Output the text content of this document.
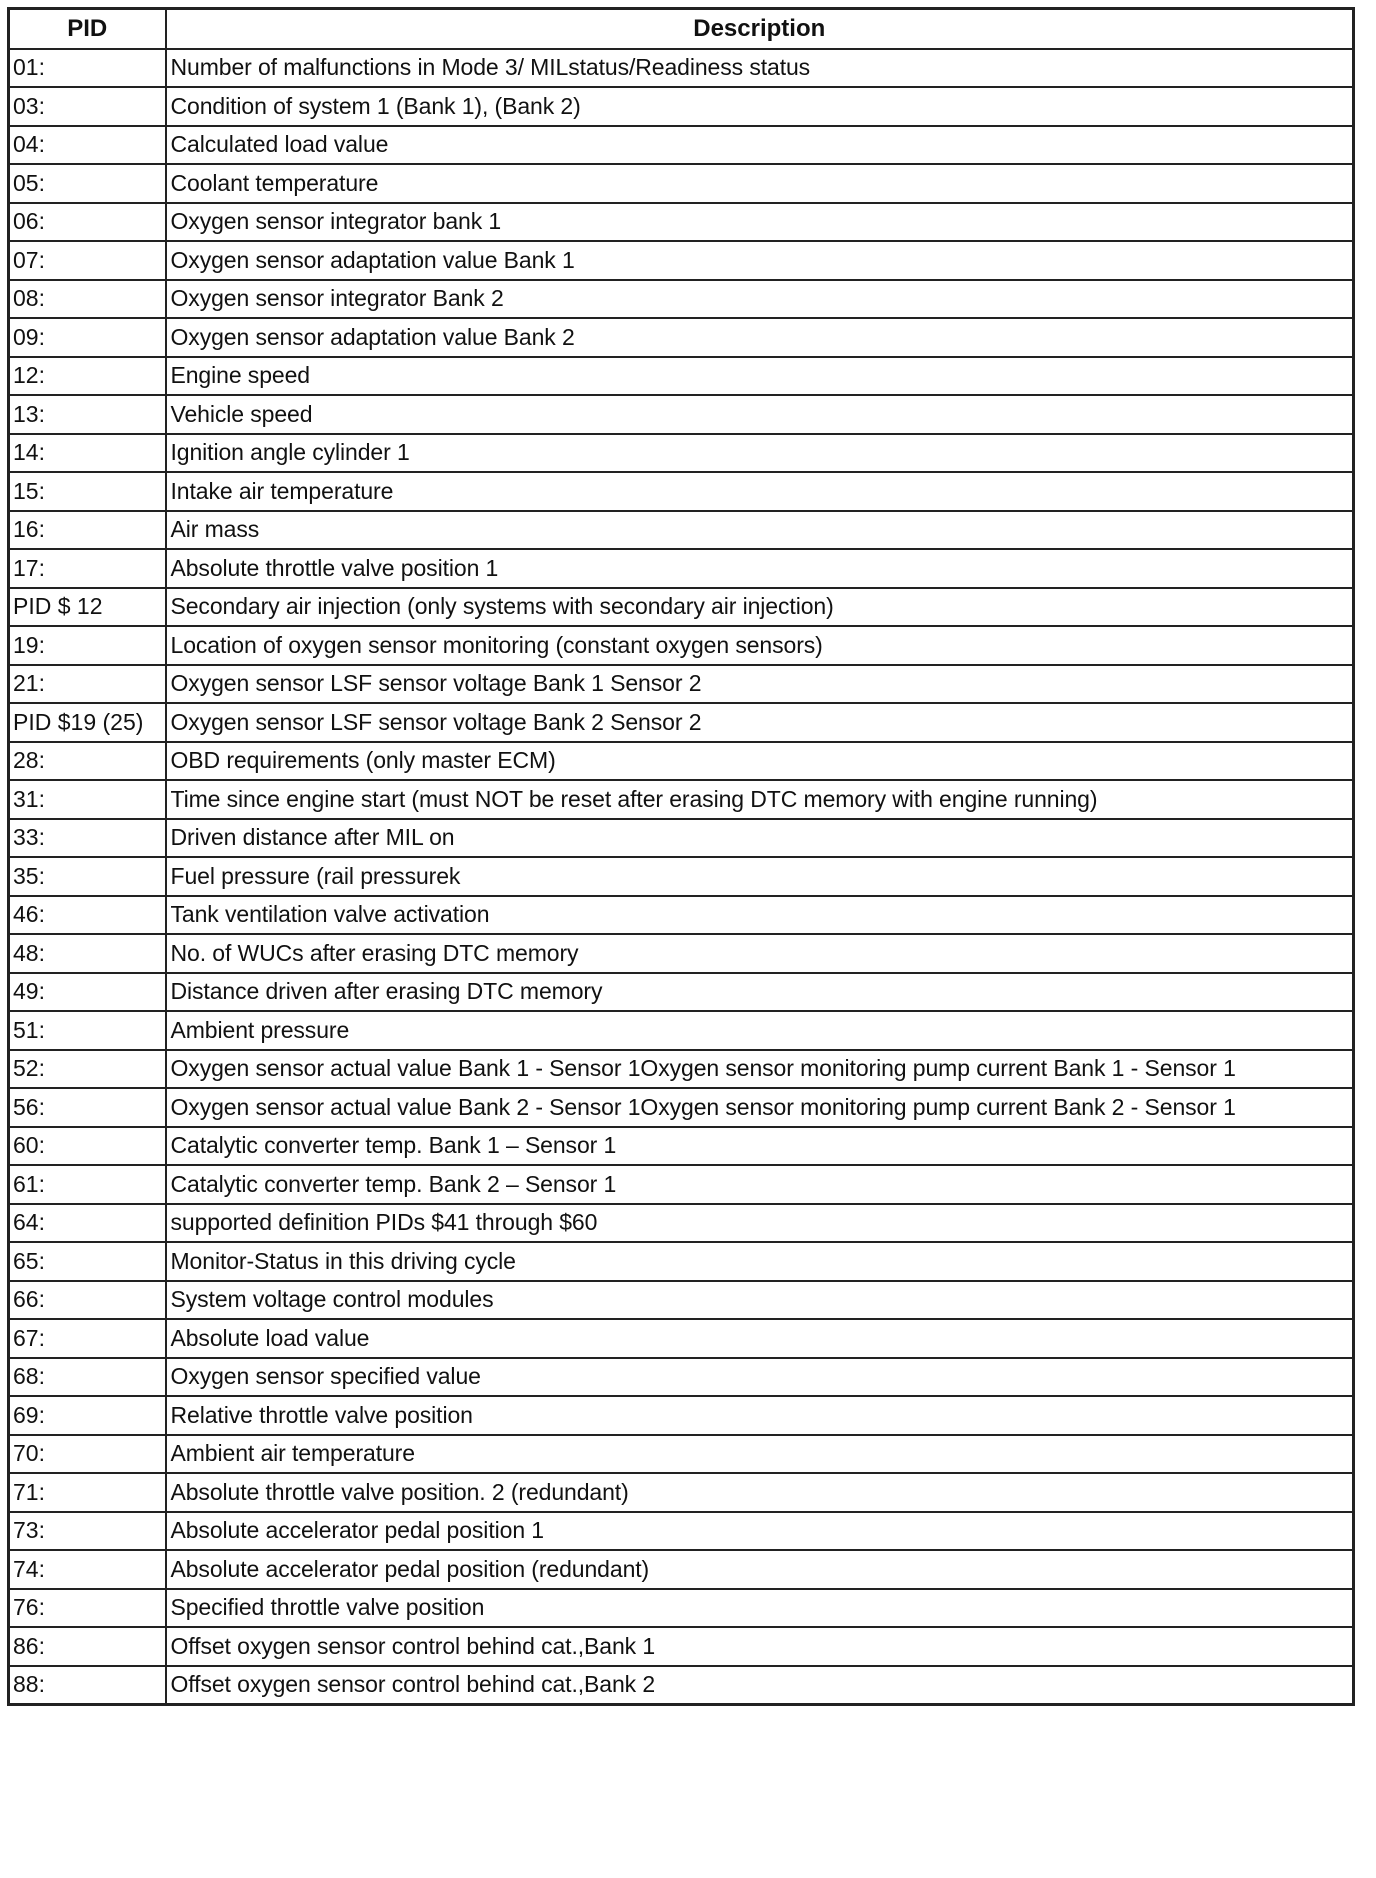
PID	Description
01:	Number of malfunctions in Mode 3/ MILstatus/Readiness status
03:	Condition of system 1 (Bank 1), (Bank 2)
04:	Calculated load value
05:	Coolant temperature
06:	Oxygen sensor integrator bank 1
07:	Oxygen sensor adaptation value Bank 1
08:	Oxygen sensor integrator Bank 2
09:	Oxygen sensor adaptation value Bank 2
12:	Engine speed
13:	Vehicle speed
14:	Ignition angle cylinder 1
15:	Intake air temperature
16:	Air mass
17:	Absolute throttle valve position 1
PID $ 12	Secondary air injection (only systems with secondary air injection)
19:	Location of oxygen sensor monitoring (constant oxygen sensors)
21:	Oxygen sensor LSF sensor voltage Bank 1 Sensor 2
PID $19 (25)	Oxygen sensor LSF sensor voltage Bank 2 Sensor 2
28:	OBD requirements (only master ECM)
31:	Time since engine start (must NOT be reset after erasing DTC memory with engine running)
33:	Driven distance after MIL on
35:	Fuel pressure (rail pressurek
46:	Tank ventilation valve activation
48:	No. of WUCs after erasing DTC memory
49:	Distance driven after erasing DTC memory
51:	Ambient pressure
52:	Oxygen sensor actual value Bank 1 - Sensor 1Oxygen sensor monitoring pump current Bank 1 - Sensor 1
56:	Oxygen sensor actual value Bank 2 - Sensor 1Oxygen sensor monitoring pump current Bank 2 - Sensor 1
60:	Catalytic converter temp. Bank 1 – Sensor 1
61:	Catalytic converter temp. Bank 2 – Sensor 1
64:	supported definition PIDs $41 through $60
65:	Monitor-Status in this driving cycle
66:	System voltage control modules
67:	Absolute load value
68:	Oxygen sensor specified value
69:	Relative throttle valve position
70:	Ambient air temperature
71:	Absolute throttle valve position. 2 (redundant)
73:	Absolute accelerator pedal position 1
74:	Absolute accelerator pedal position (redundant)
76:	Specified throttle valve position
86:	Offset oxygen sensor control behind cat.,Bank 1
88:	Offset oxygen sensor control behind cat.,Bank 2
